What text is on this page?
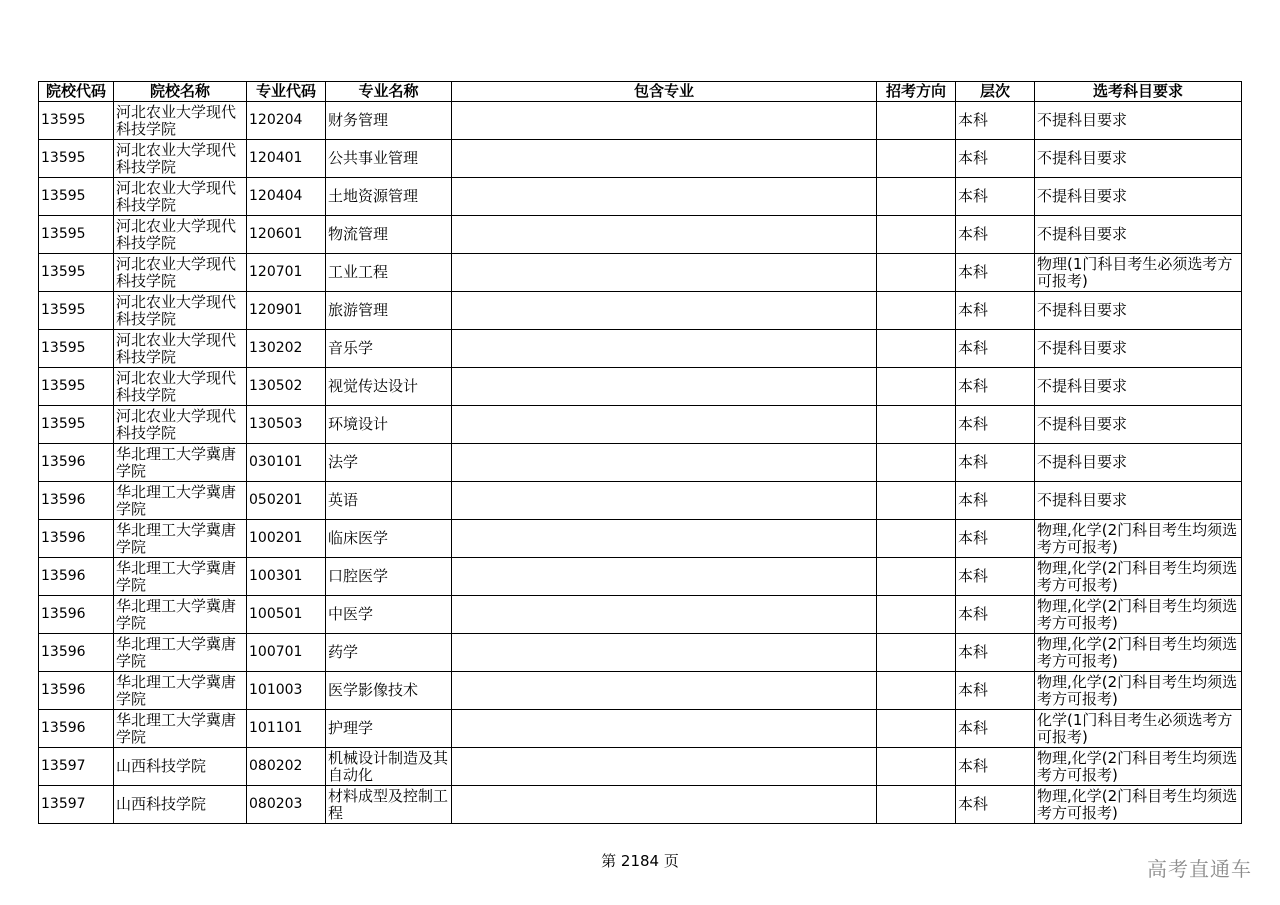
院校代码	院校名称	专业代码	专业名称	包含专业	招考方向	层次	选考科目要求
13595	河北农业大学现代科技学院	120204	财务管理			本科	不提科目要求
13595	河北农业大学现代科技学院	120401	公共事业管理			本科	不提科目要求
13595	河北农业大学现代科技学院	120404	土地资源管理			本科	不提科目要求
13595	河北农业大学现代科技学院	120601	物流管理			本科	不提科目要求
13595	河北农业大学现代科技学院	120701	工业工程			本科	物理(1门科目考生必须选考方可报考)
13595	河北农业大学现代科技学院	120901	旅游管理			本科	不提科目要求
13595	河北农业大学现代科技学院	130202	音乐学			本科	不提科目要求
13595	河北农业大学现代科技学院	130502	视觉传达设计			本科	不提科目要求
13595	河北农业大学现代科技学院	130503	环境设计			本科	不提科目要求
13596	华北理工大学冀唐学院	030101	法学			本科	不提科目要求
13596	华北理工大学冀唐学院	050201	英语			本科	不提科目要求
13596	华北理工大学冀唐学院	100201	临床医学			本科	物理,化学(2门科目考生均须选考方可报考)
13596	华北理工大学冀唐学院	100301	口腔医学			本科	物理,化学(2门科目考生均须选考方可报考)
13596	华北理工大学冀唐学院	100501	中医学			本科	物理,化学(2门科目考生均须选考方可报考)
13596	华北理工大学冀唐学院	100701	药学			本科	物理,化学(2门科目考生均须选考方可报考)
13596	华北理工大学冀唐学院	101003	医学影像技术			本科	物理,化学(2门科目考生均须选考方可报考)
13596	华北理工大学冀唐学院	101101	护理学			本科	化学(1门科目考生必须选考方可报考)
13597	山西科技学院	080202	机械设计制造及其自动化			本科	物理,化学(2门科目考生均须选考方可报考)
13597	山西科技学院	080203	材料成型及控制工程			本科	物理,化学(2门科目考生均须选考方可报考)
第 2184 页	高考直通车
